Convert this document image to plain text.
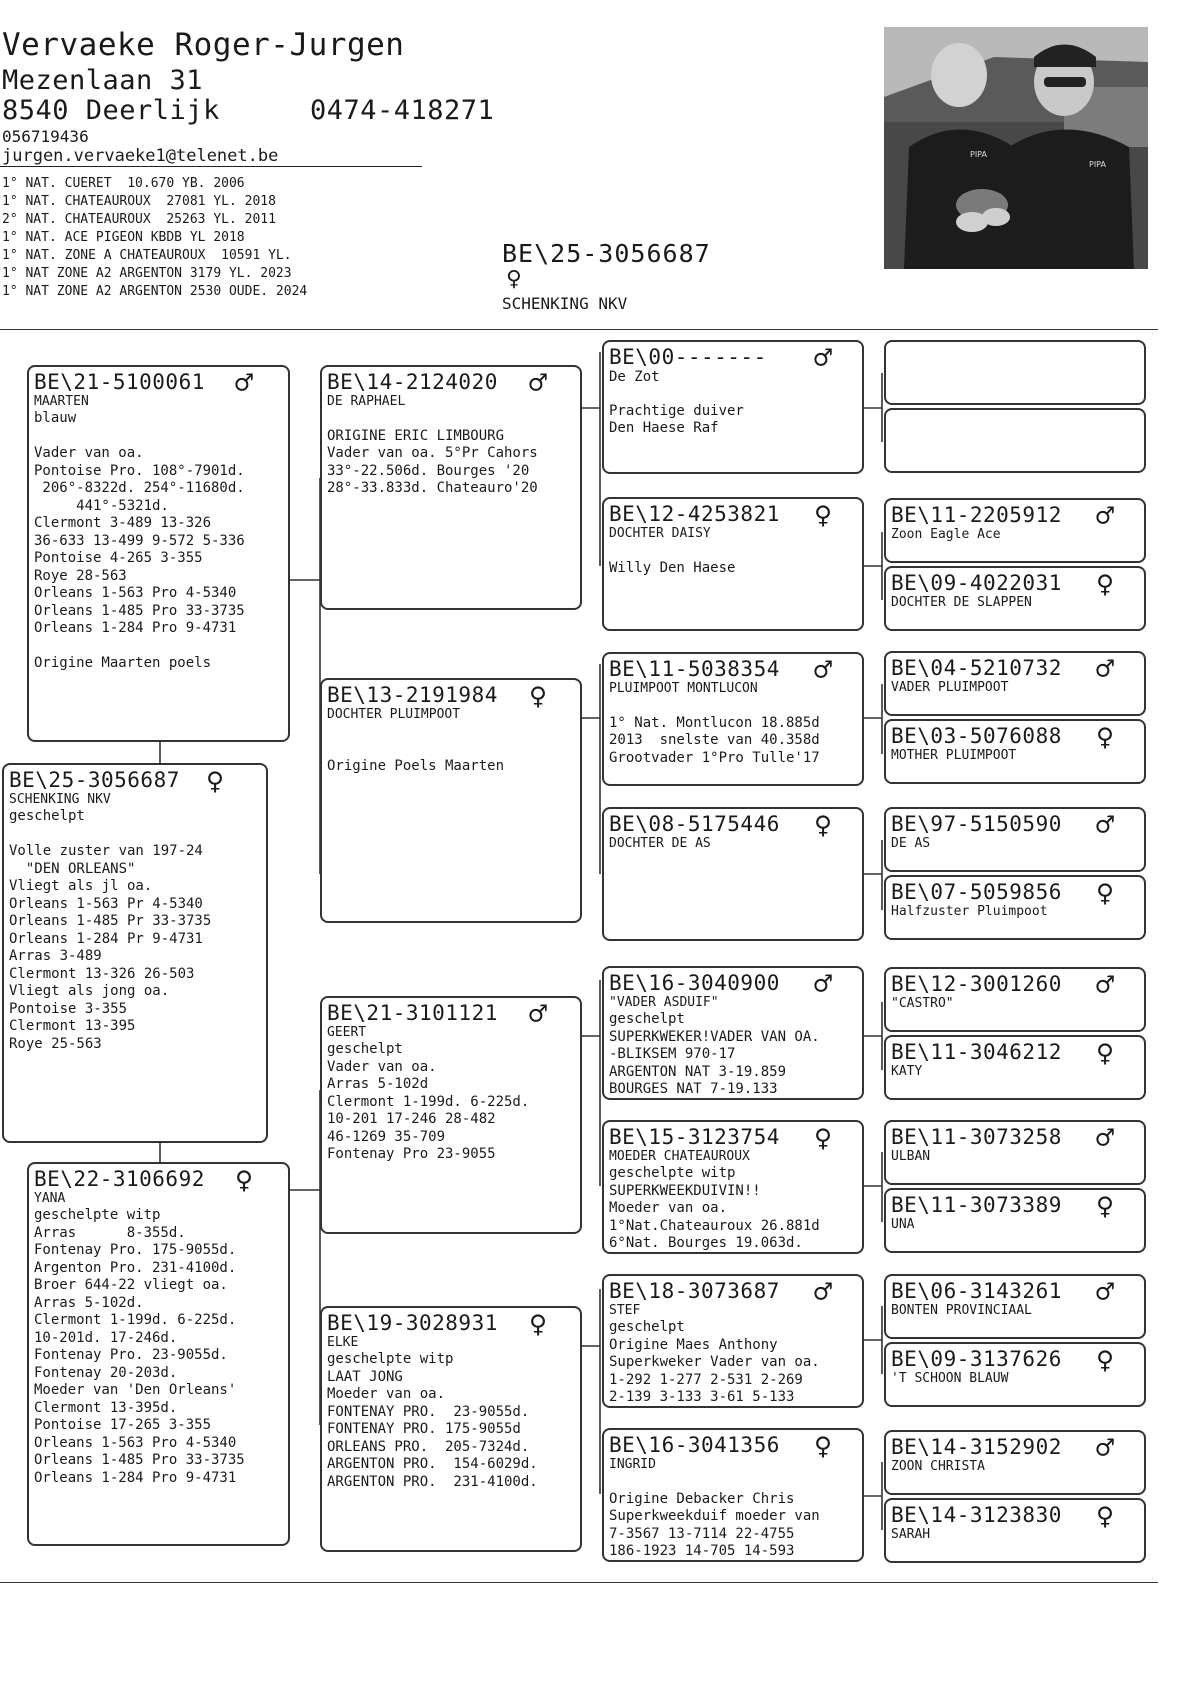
Vervaeke Roger-Jurgen
Mezenlaan 31
8540 Deerlijk	0474-418271
056719436
jurgen.vervaeke1@telenet.be
1° NAT. CUERET  10.670 YB. 2006
1° NAT. CHATEAUROUX  27081 YL. 2018
2° NAT. CHATEAUROUX  25263 YL. 2011
1° NAT. ACE PIGEON KBDB YL 2018
1° NAT. ZONE A CHATEAUROUX  10591 YL.
1° NAT ZONE A2 ARGENTON 3179 YL. 2023
1° NAT ZONE A2 ARGENTON 2530 OUDE. 2024
BE\25-3056687
♀
SCHENKING NKV
PIPA
PIPA
BE\25-3056687 ♀
SCHENKING NKV
geschelpt

Volle zuster van 197-24
"DEN ORLEANS"
Vliegt als jl oa.
Orleans 1-563 Pr 4-5340
Orleans 1-485 Pr 33-3735
Orleans 1-284 Pr 9-4731
Arras 3-489
Clermont 13-326 26-503
Vliegt als jong oa.
Pontoise 3-355
Clermont 13-395
Roye 25-563
BE\21-5100061	♂
MAARTEN
blauw

Vader van oa.
Pontoise Pro. 108°-7901d.
206°-8322d. 254°-11680d.
441°-5321d.
Clermont 3-489 13-326
36-633 13-499 9-572 5-336
Pontoise 4-265 3-355
Roye 28-563
Orleans 1-563 Pro 4-5340
Orleans 1-485 Pro 33-3735
Orleans 1-284 Pro 9-4731

Origine Maarten poels
BE\22-3106692	♀
YANA
geschelpte witp
Arras      8-355d.
Fontenay Pro. 175-9055d.
Argenton Pro. 231-4100d.
Broer 644-22 vliegt oa.
Arras 5-102d.
Clermont 1-199d. 6-225d.
10-201d. 17-246d.
Fontenay Pro. 23-9055d.
Fontenay 20-203d.
Moeder van 'Den Orleans'
Clermont 13-395d.
Pontoise 17-265 3-355
Orleans 1-563 Pro 4-5340
Orleans 1-485 Pro 33-3735
Orleans 1-284 Pro 9-4731
BE\14-2124020	♂
DE RAPHAEL

ORIGINE ERIC LIMBOURG
Vader van oa. 5°Pr Cahors
33°-22.506d. Bourges '20
28°-33.833d. Chateauro'20
BE\13-2191984	♀
DOCHTER PLUIMPOOT

Origine Poels Maarten
BE\21-3101121	♂
GEERT
geschelpt
Vader van oa.
Arras 5-102d
Clermont 1-199d. 6-225d.
10-201 17-246 28-482
46-1269 35-709
Fontenay Pro 23-9055
BE\19-3028931	♀
ELKE
geschelpte witp
LAAT JONG
Moeder van oa.
FONTENAY PRO.  23-9055d.
FONTENAY PRO. 175-9055d
ORLEANS PRO.  205-7324d.
ARGENTON PRO.  154-6029d.
ARGENTON PRO.  231-4100d.
BE\00-------	♂
De Zot

Prachtige duiver
Den Haese Raf
BE\12-4253821	♀
DOCHTER DAISY

Willy Den Haese
BE\11-5038354	♂
PLUIMPOOT MONTLUCON

1° Nat. Montlucon 18.885d
2013  snelste van 40.358d
Grootvader 1°Pro Tulle'17
BE\08-5175446	♀
DOCHTER DE AS
BE\16-3040900	♂
"VADER ASDUIF"
geschelpt
SUPERKWEKER!VADER VAN OA.
-BLIKSEM 970-17
ARGENTON NAT 3-19.859
BOURGES NAT 7-19.133
BE\15-3123754	♀
MOEDER CHATEAUROUX
geschelpte witp
SUPERKWEEKDUIVIN!!
Moeder van oa.
1°Nat.Chateauroux 26.881d
6°Nat. Bourges 19.063d.
BE\18-3073687	♂
STEF
geschelpt
Origine Maes Anthony
Superkweker Vader van oa.
1-292 1-277 2-531 2-269
2-139 3-133 3-61 5-133
BE\16-3041356	♀
INGRID

Origine Debacker Chris
Superkweekduif moeder van
7-3567 13-7114 22-4755
186-1923 14-705 14-593
BE\11-2205912	♂
Zoon Eagle Ace
BE\09-4022031	♀
DOCHTER DE SLAPPEN
BE\04-5210732	♂
VADER PLUIMPOOT
BE\03-5076088	♀
MOTHER PLUIMPOOT
BE\97-5150590	♂
DE AS
BE\07-5059856	♀
Halfzuster Pluimpoot
BE\12-3001260	♂
"CASTRO"
BE\11-3046212	♀
KATY
BE\11-3073258	♂
ULBAN
BE\11-3073389	♀
UNA
BE\06-3143261	♂
BONTEN PROVINCIAAL
BE\09-3137626	♀
'T SCHOON BLAUW
BE\14-3152902	♂
ZOON CHRISTA
BE\14-3123830	♀
SARAH
